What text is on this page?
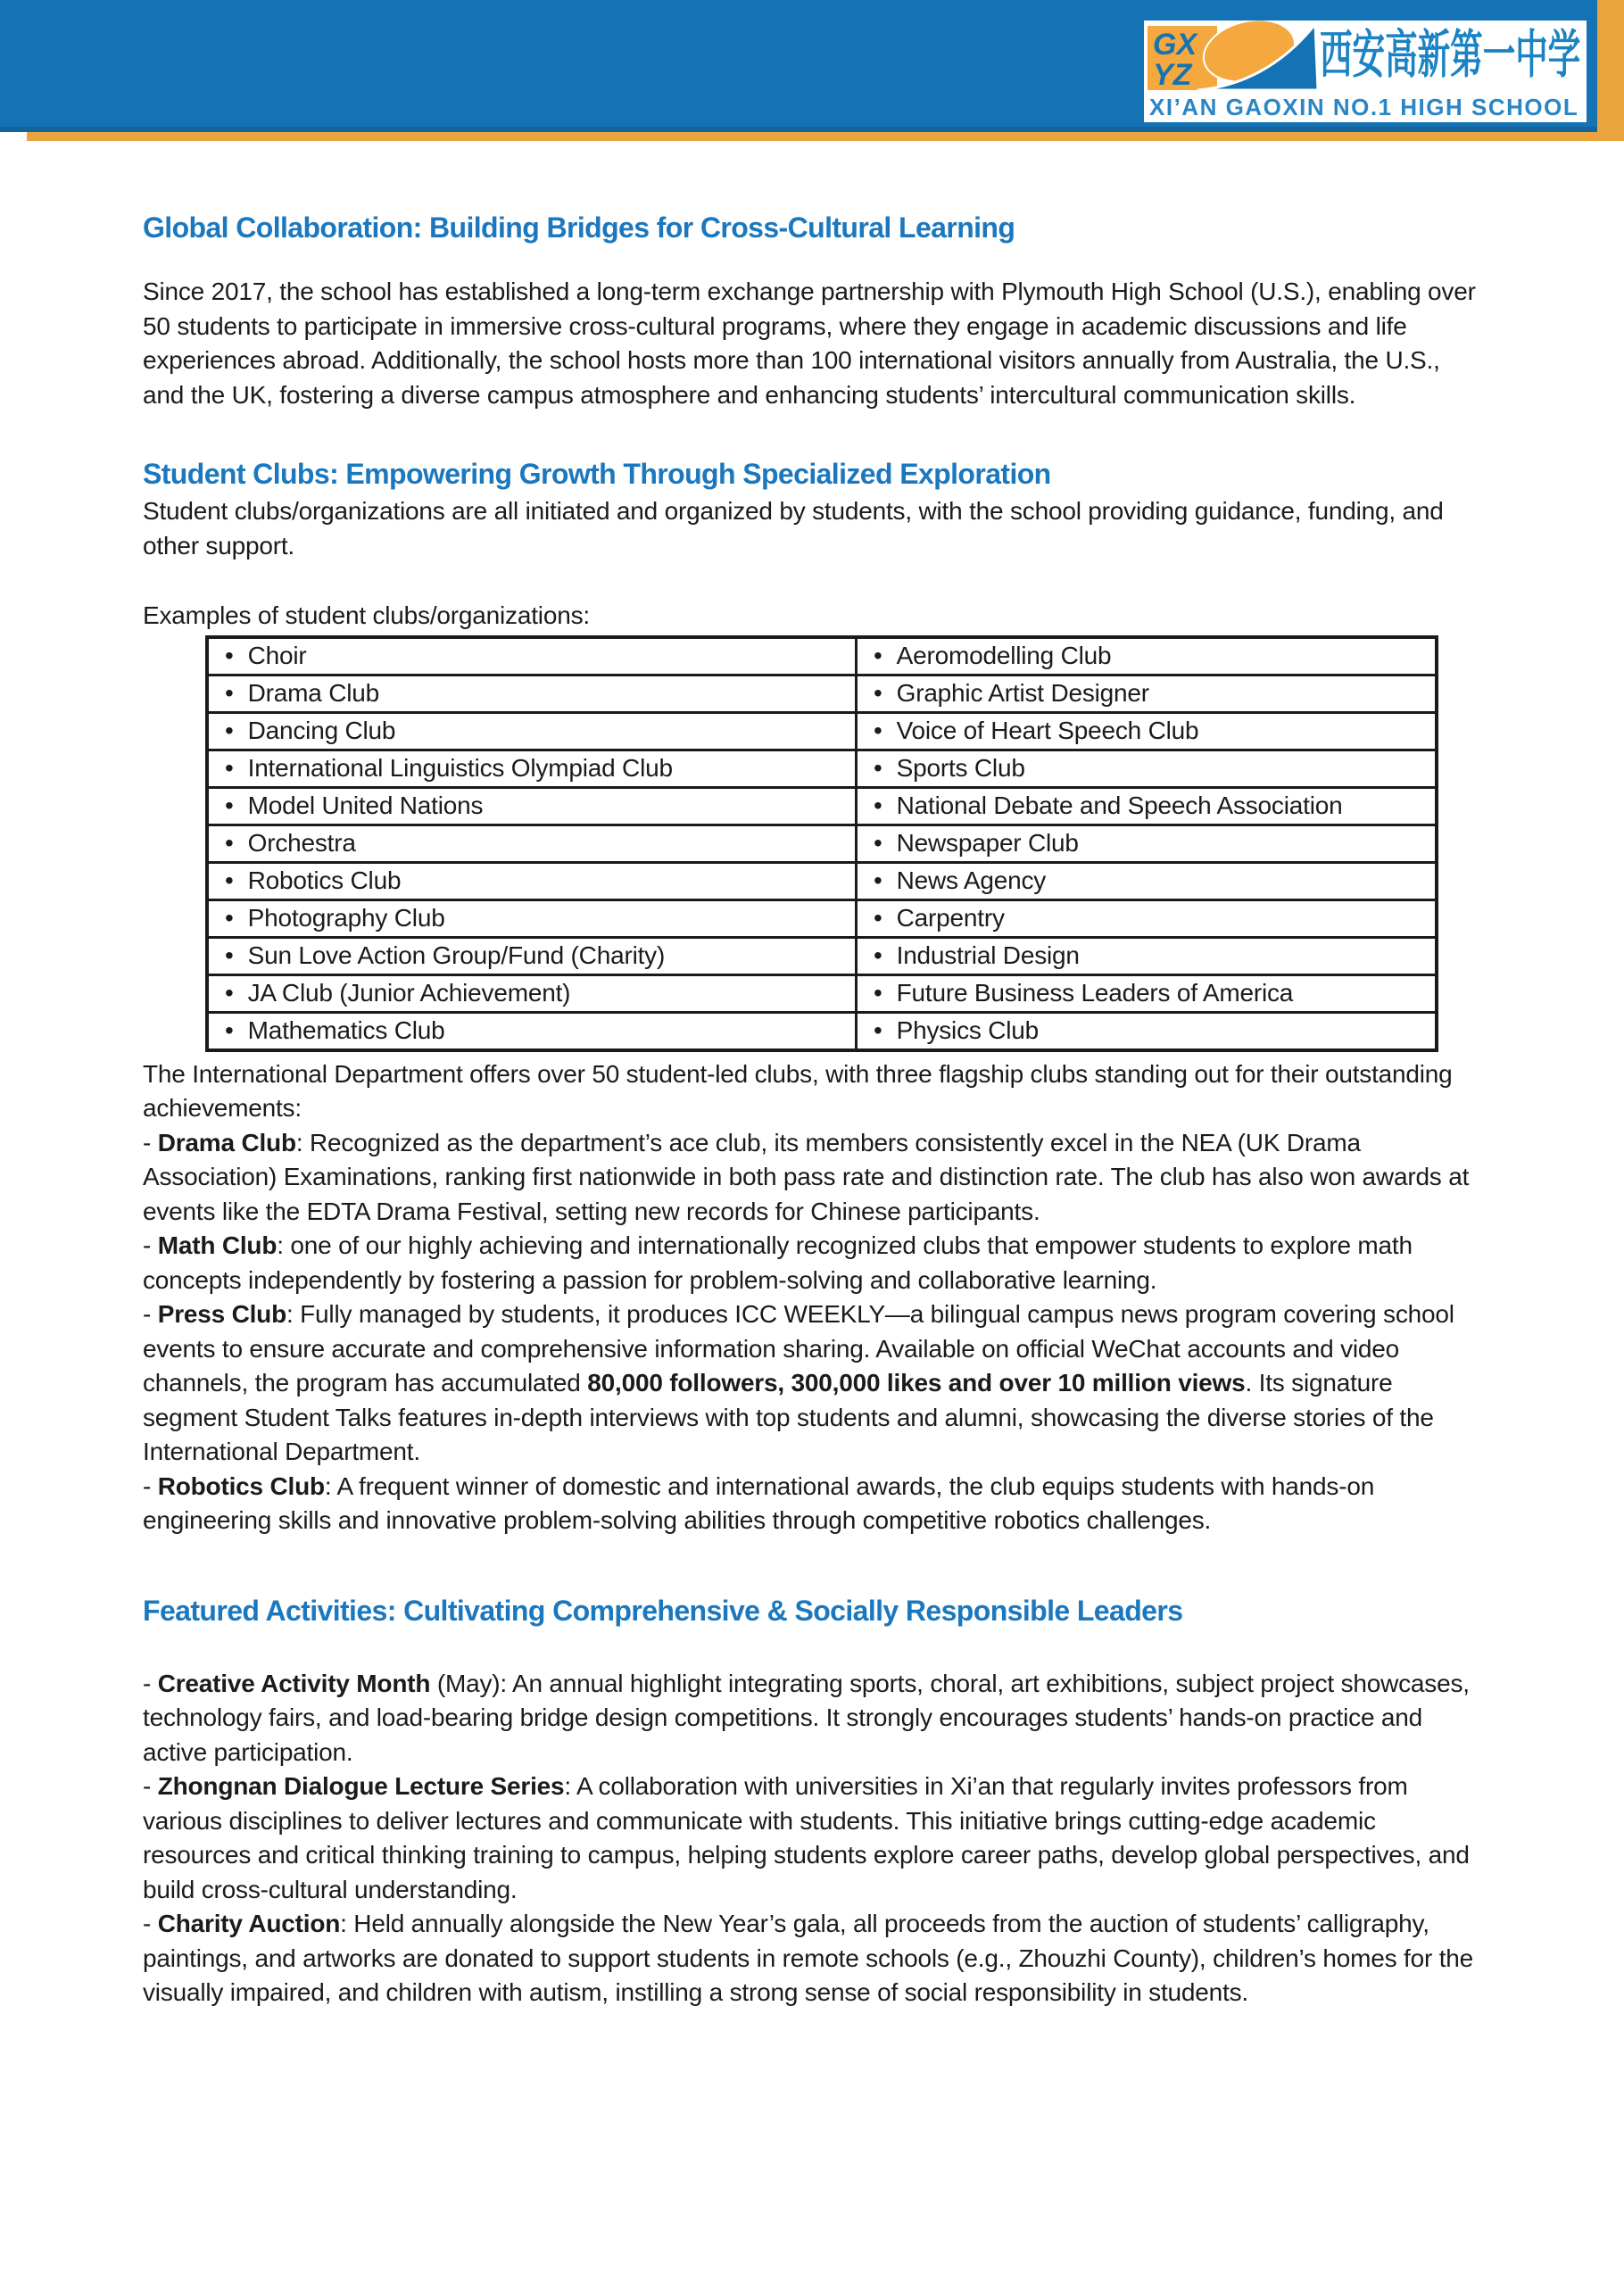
GX
YZ 西安高新第一中学
XI’AN GAOXIN NO.1 HIGH SCHOOL
Global Collaboration: Building Bridges for Cross-Cultural Learning
Since 2017, the school has established a long-term exchange partnership with Plymouth High School (U.S.), enabling over 50 students to participate in immersive cross-cultural programs, where they engage in academic discussions and life experiences abroad. Additionally, the school hosts more than 100 international visitors annually from Australia, the U.S., and the UK, fostering a diverse campus atmosphere and enhancing students’ intercultural communication skills.
Student Clubs: Empowering Growth Through Specialized Exploration
Student clubs/organizations are all initiated and organized by students, with the school providing guidance, funding, and other support.
Examples of student clubs/organizations:
• Choir	• Aeromodelling Club
• Drama Club	• Graphic Artist Designer
• Dancing Club	• Voice of Heart Speech Club
• International Linguistics Olympiad Club	• Sports Club
• Model United Nations	• National Debate and Speech Association
• Orchestra	• Newspaper Club
• Robotics Club	• News Agency
• Photography Club	• Carpentry
• Sun Love Action Group/Fund (Charity)	• Industrial Design
• JA Club (Junior Achievement)	• Future Business Leaders of America
• Mathematics Club	• Physics Club
The International Department offers over 50 student-led clubs, with three flagship clubs standing out for their outstanding achievements:
- Drama Club: Recognized as the department’s ace club, its members consistently excel in the NEA (UK Drama Association) Examinations, ranking first nationwide in both pass rate and distinction rate. The club has also won awards at events like the EDTA Drama Festival, setting new records for Chinese participants.
- Math Club: one of our highly achieving and internationally recognized clubs that empower students to explore math concepts independently by fostering a passion for problem-solving and collaborative learning.
- Press Club: Fully managed by students, it produces ICC WEEKLY—a bilingual campus news program covering school events to ensure accurate and comprehensive information sharing. Available on official WeChat accounts and video channels, the program has accumulated 80,000 followers, 300,000 likes and over 10 million views. Its signature segment Student Talks features in-depth interviews with top students and alumni, showcasing the diverse stories of the International Department.
- Robotics Club: A frequent winner of domestic and international awards, the club equips students with hands-on engineering skills and innovative problem-solving abilities through competitive robotics challenges.
Featured Activities: Cultivating Comprehensive & Socially Responsible Leaders
- Creative Activity Month (May): An annual highlight integrating sports, choral, art exhibitions, subject project showcases, technology fairs, and load-bearing bridge design competitions. It strongly encourages students’ hands-on practice and active participation.
- Zhongnan Dialogue Lecture Series: A collaboration with universities in Xi’an that regularly invites professors from various disciplines to deliver lectures and communicate with students. This initiative brings cutting-edge academic resources and critical thinking training to campus, helping students explore career paths, develop global perspectives, and build cross-cultural understanding.
- Charity Auction: Held annually alongside the New Year’s gala, all proceeds from the auction of students’ calligraphy, paintings, and artworks are donated to support students in remote schools (e.g., Zhouzhi County), children’s homes for the visually impaired, and children with autism, instilling a strong sense of social responsibility in students.
